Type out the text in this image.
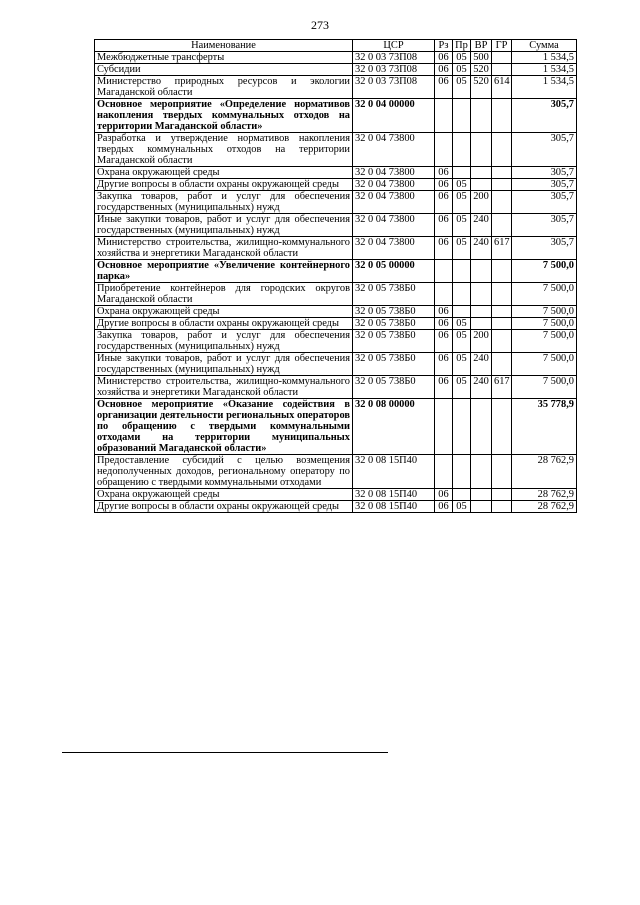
273
Наименование	ЦСР	Рз	Пр	ВР	ГР	Сумма
Межбюджетные трансферты	32 0 03 73П08	06	05	500		1 534,5
Субсидии	32 0 03 73П08	06	05	520		1 534,5
Министерство природных ресурсов и экологии Магаданской области	32 0 03 73П08	06	05	520	614	1 534,5
Основное мероприятие «Определение нормативов накопления твердых коммунальных отходов на территории Магаданской области»	32 0 04 00000					305,7
Разработка и утверждение нормативов накопления твердых коммунальных отходов на территории Магаданской области	32 0 04 73800					305,7
Охрана окружающей среды	32 0 04 73800	06				305,7
Другие вопросы в области охраны окружающей среды	32 0 04 73800	06	05			305,7
Закупка товаров, работ и услуг для обеспечения государственных (муниципальных) нужд	32 0 04 73800	06	05	200		305,7
Иные закупки товаров, работ и услуг для обеспечения государственных (муниципальных) нужд	32 0 04 73800	06	05	240		305,7
Министерство строительства, жилищно-коммунального хозяйства и энергетики Магаданской области	32 0 04 73800	06	05	240	617	305,7
Основное мероприятие «Увеличение контейнерного парка»	32 0 05 00000					7 500,0
Приобретение контейнеров для городских округов Магаданской области	32 0 05 738Б0					7 500,0
Охрана окружающей среды	32 0 05 738Б0	06				7 500,0
Другие вопросы в области охраны окружающей среды	32 0 05 738Б0	06	05			7 500,0
Закупка товаров, работ и услуг для обеспечения государственных (муниципальных) нужд	32 0 05 738Б0	06	05	200		7 500,0
Иные закупки товаров, работ и услуг для обеспечения государственных (муниципальных) нужд	32 0 05 738Б0	06	05	240		7 500,0
Министерство строительства, жилищно-коммунального хозяйства и энергетики Магаданской области	32 0 05 738Б0	06	05	240	617	7 500,0
Основное мероприятие «Оказание содействия в организации деятельности региональных операторов по обращению с твердыми коммунальными отходами на территории муниципальных образований Магаданской области»	32 0 08 00000					35 778,9
Предоставление субсидий с целью возмещения недополученных доходов, региональному оператору по обращению с твердыми коммунальными отходами	32 0 08 15П40					28 762,9
Охрана окружающей среды	32 0 08 15П40	06				28 762,9
Другие вопросы в области охраны окружающей среды	32 0 08 15П40	06	05			28 762,9
